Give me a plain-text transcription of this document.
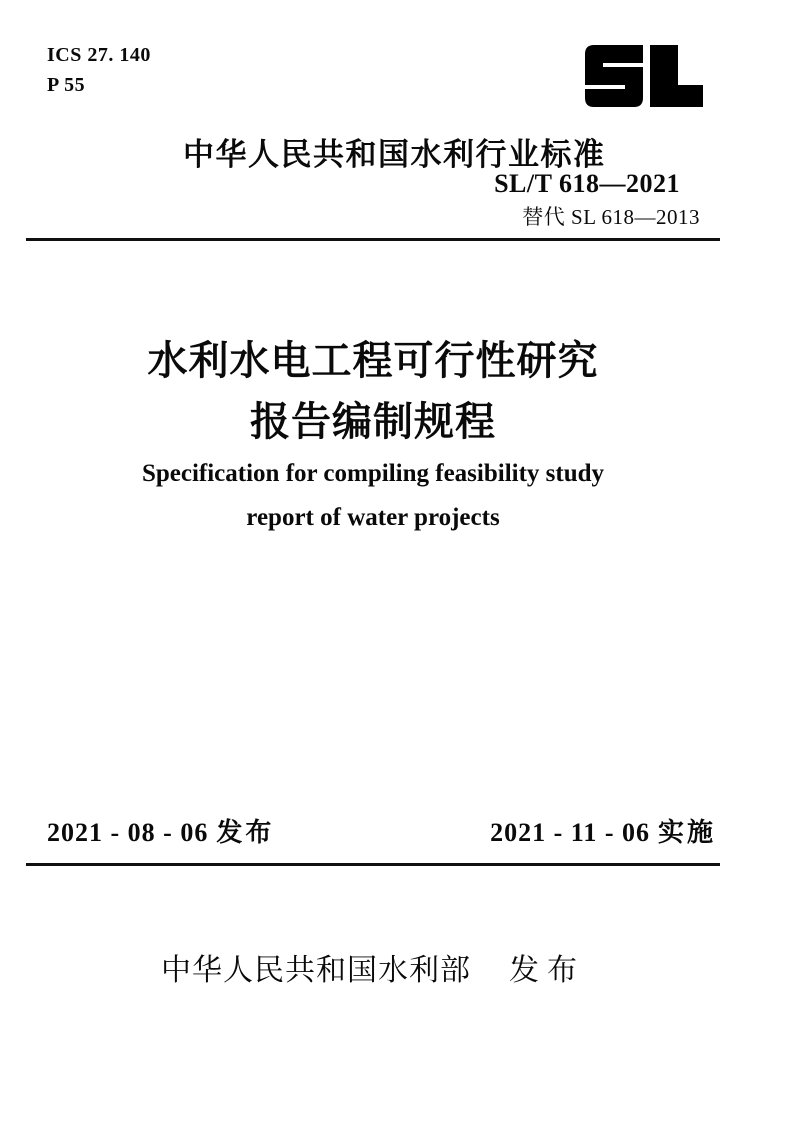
ICS 27. 140
P 55
中华人民共和国水利行业标准
SL/T 618—2021
替代 SL 618—2013
水利水电工程可行性研究
报告编制规程
Specification for compiling feasibility study
report of water projects
2021 - 08 - 06 发布	2021 - 11 - 06 实施
中华人民共和国水利部 发布
